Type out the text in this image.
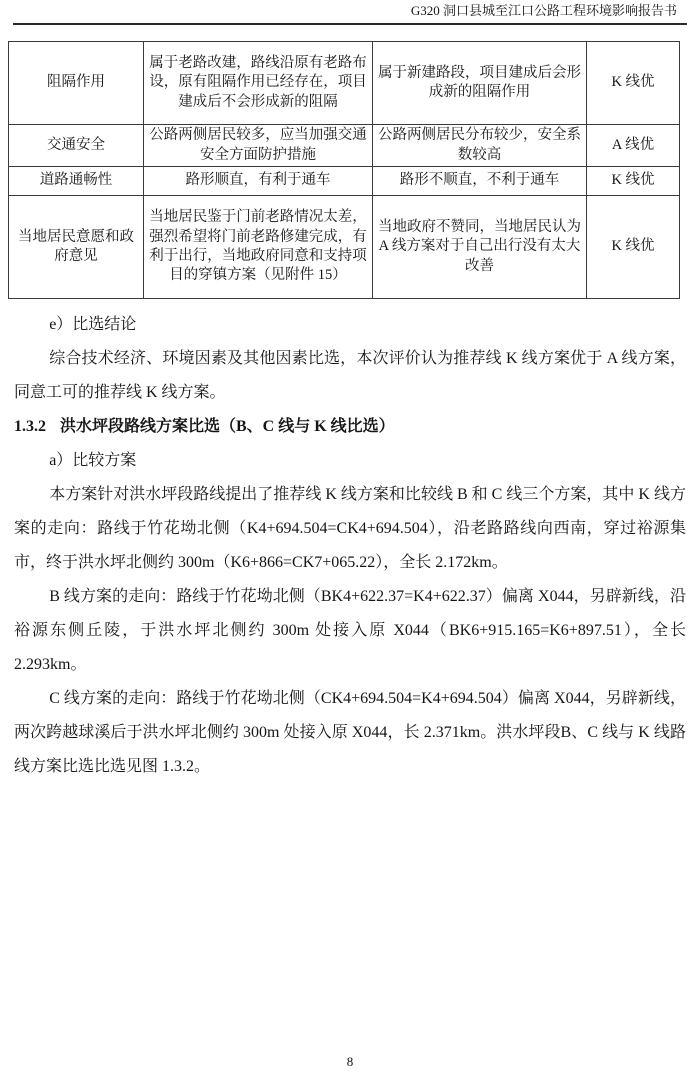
G320 洞口县城至江口公路工程环境影响报告书
阻隔作用	属于老路改建，路线沿原有老路布设，原有阻隔作用已经存在，项目建成后不会形成新的阻隔	属于新建路段，项目建成后会形成新的阻隔作用	K 线优
交通安全	公路两侧居民较多，应当加强交通安全方面防护措施	公路两侧居民分布较少，安全系数较高	A 线优
道路通畅性	路形顺直，有利于通车	路形不顺直，不利于通车	K 线优
当地居民意愿和政府意见	当地居民鉴于门前老路情况太差，强烈希望将门前老路修建完成，有利于出行，当地政府同意和支持项目的穿镇方案（见附件 15）	当地政府不赞同，当地居民认为 A 线方案对于自己出行没有太大改善	K 线优

e）比选结论

综合技术经济、环境因素及其他因素比选，本次评价认为推荐线 K 线方案优于 A 线方案，同意工可的推荐线 K 线方案。

1.3.2 洪水坪段路线方案比选（B、C 线与 K 线比选）

a）比较方案

本方案针对洪水坪段路线提出了推荐线 K 线方案和比较线 B 和 C 线三个方案，其中 K 线方案的走向：路线于竹花坳北侧（K4+694.504=CK4+694.504），沿老路路线向西南，穿过裕源集市，终于洪水坪北侧约 300m（K6+866=CK7+065.22），全长 2.172km。

B 线方案的走向：路线于竹花坳北侧（BK4+622.37=K4+622.37）偏离 X044，另辟新线，沿裕源东侧丘陵，于洪水坪北侧约 300m 处接入原 X044（BK6+915.165=K6+897.51），全长 2.293km。

C 线方案的走向：路线于竹花坳北侧（CK4+694.504=K4+694.504）偏离 X044，另辟新线，两次跨越球溪后于洪水坪北侧约 300m 处接入原 X044，长 2.371km。洪水坪段B、C 线与 K 线路线方案比选比选见图 1.3.2。

8
